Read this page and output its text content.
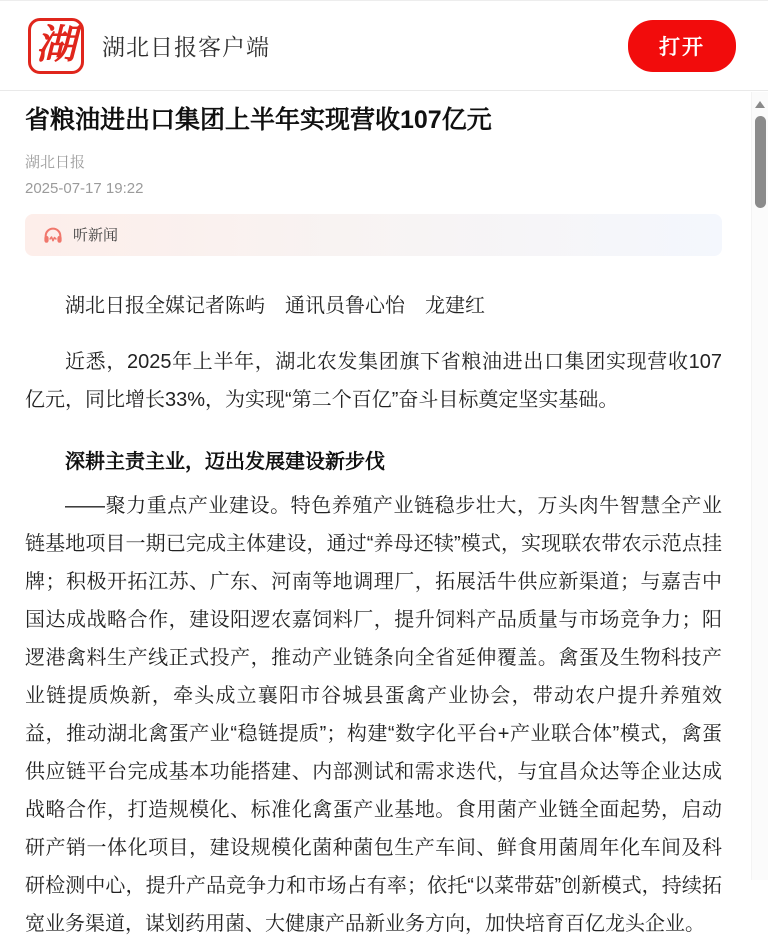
湖 湖北日报客户端	打开
省粮油进出口集团上半年实现营收107亿元
湖北日报
2025-07-17 19:22
听新闻

湖北日报全媒记者陈屿　通讯员鲁心怡　龙建红

近悉，2025年上半年，湖北农发集团旗下省粮油进出口集团实现营收107亿元，同比增长33%，为实现“第二个百亿”奋斗目标奠定坚实基础。

深耕主责主业，迈出发展建设新步伐

——聚力重点产业建设。特色养殖产业链稳步壮大，万头肉牛智慧全产业链基地项目一期已完成主体建设，通过“养母还犊”模式，实现联农带农示范点挂牌；积极开拓江苏、广东、河南等地调理厂，拓展活牛供应新渠道；与嘉吉中国达成战略合作，建设阳逻农嘉饲料厂，提升饲料产品质量与市场竞争力；阳逻港禽料生产线正式投产，推动产业链条向全省延伸覆盖。禽蛋及生物科技产业链提质焕新，牵头成立襄阳市谷城县蛋禽产业协会，带动农户提升养殖效益，推动湖北禽蛋产业“稳链提质”；构建“数字化平台+产业联合体”模式，禽蛋供应链平台完成基本功能搭建、内部测试和需求迭代，与宜昌众达等企业达成战略合作，打造规模化、标准化禽蛋产业基地。食用菌产业链全面起势，启动研产销一体化项目，建设规模化菌种菌包生产车间、鲜食用菌周年化车间及科研检测中心，提升产品竞争力和市场占有率；依托“以菜带菇”创新模式，持续拓宽业务渠道，谋划药用菌、大健康产品新业务方向，加快培育百亿龙头企业。
